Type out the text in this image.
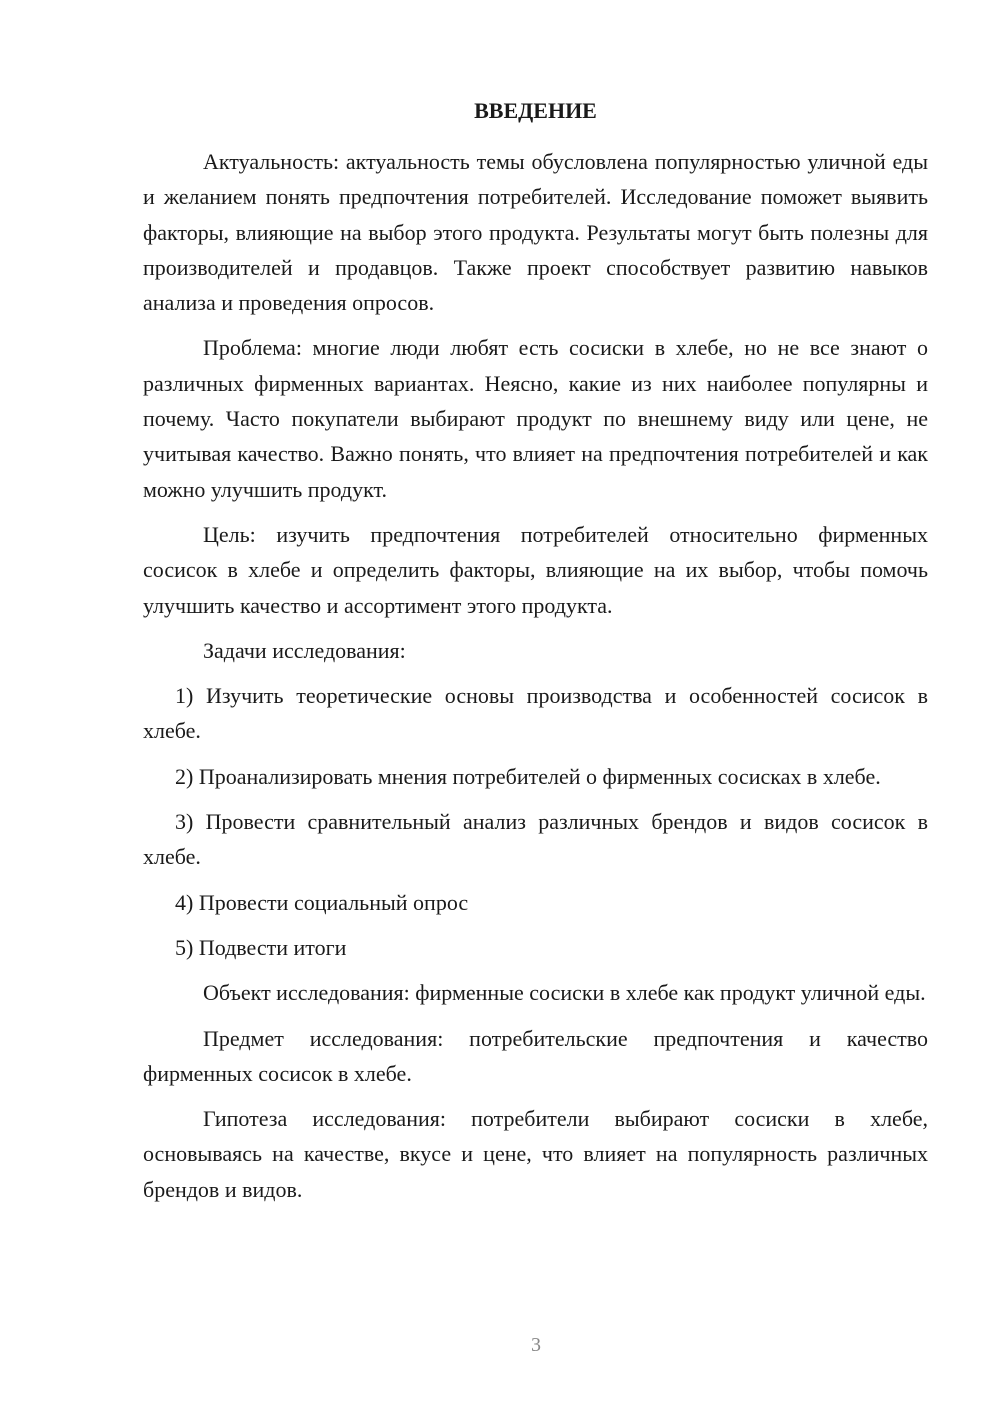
ВВЕДЕНИЕ

Актуальность: актуальность темы обусловлена популярностью уличной еды и желанием понять предпочтения потребителей. Исследование поможет выявить факторы, влияющие на выбор этого продукта. Результаты могут быть полезны для производителей и продавцов. Также проект способствует развитию навыков анализа и проведения опросов.

Проблема: многие люди любят есть сосиски в хлебе, но не все знают о различных фирменных вариантах. Неясно, какие из них наиболее популярны и почему. Часто покупатели выбирают продукт по внешнему виду или цене, не учитывая качество. Важно понять, что влияет на предпочтения потребителей и как можно улучшить продукт.

Цель: изучить предпочтения потребителей относительно фирменных сосисок в хлебе и определить факторы, влияющие на их выбор, чтобы помочь улучшить качество и ассортимент этого продукта.

Задачи исследования:

1) Изучить теоретические основы производства и особенностей сосисок в хлебе.

2) Проанализировать мнения потребителей о фирменных сосисках в хлебе.

3) Провести сравнительный анализ различных брендов и видов сосисок в хлебе.

4) Провести социальный опрос

5) Подвести итоги

Объект исследования: фирменные сосиски в хлебе как продукт уличной еды.

Предмет исследования: потребительские предпочтения и качество фирменных сосисок в хлебе.

Гипотеза исследования: потребители выбирают сосиски в хлебе, основываясь на качестве, вкусе и цене, что влияет на популярность различных брендов и видов.

3
